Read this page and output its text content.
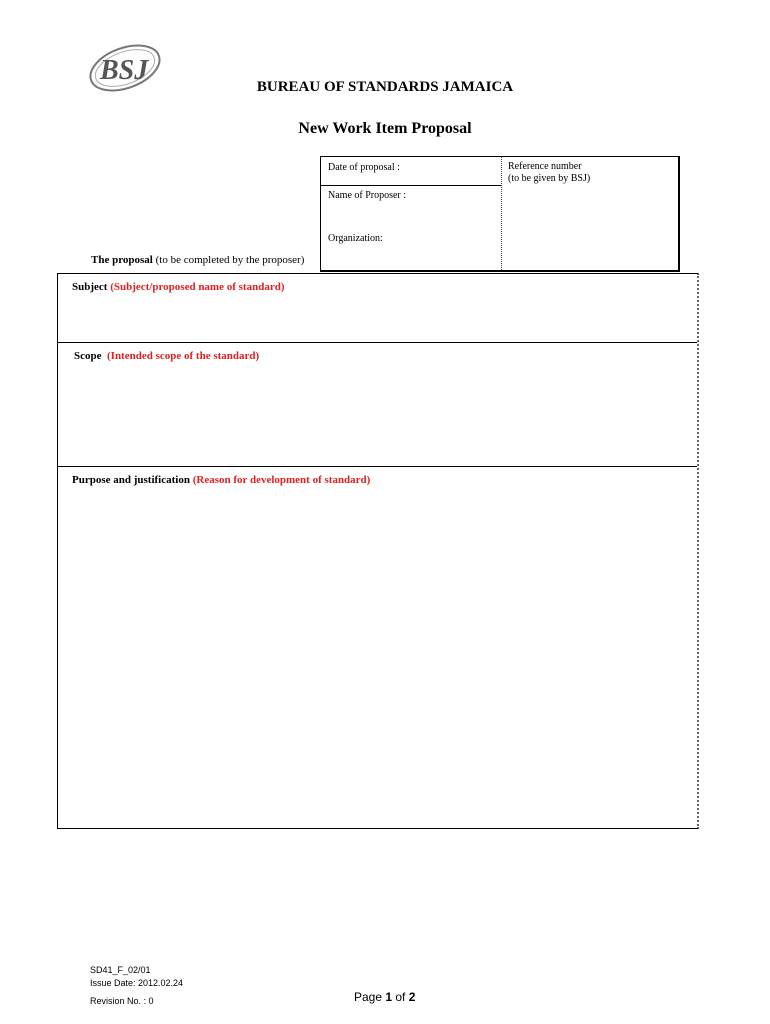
BSJ
BUREAU OF STANDARDS JAMAICA
New Work Item Proposal
Date of proposal :
Name of Proposer :
Organization:
Reference number
(to be given by BSJ)
The proposal (to be completed by the proposer)
Subject (Subject/proposed name of standard)
Scope (Intended scope of the standard)
Purpose and justification (Reason for development of standard)
SD41_F_02/01
Issue Date: 2012.02.24
Revision No. : 0	Page 1 of 2
